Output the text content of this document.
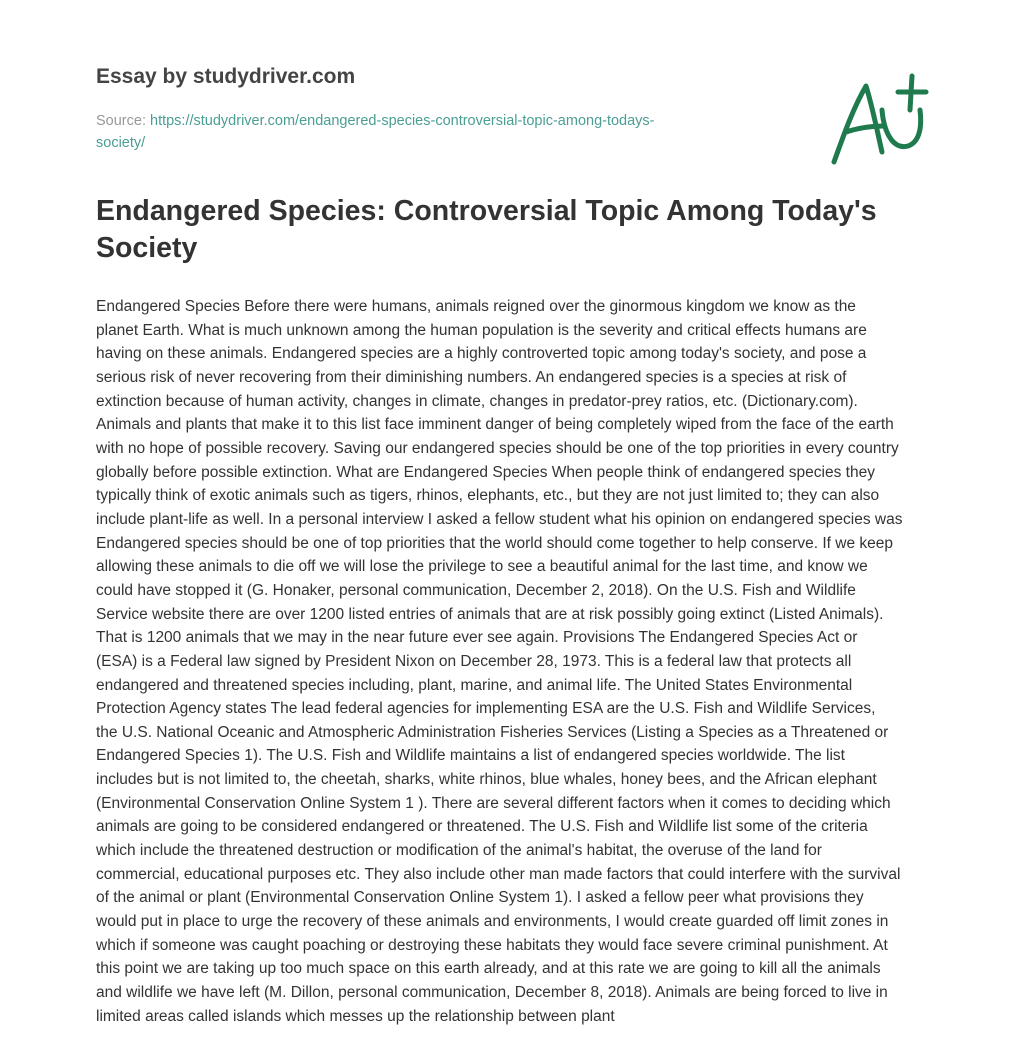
Essay by studydriver.com

Source: https://studydriver.com/endangered-species-controversial-topic-among-todays-
society/

Endangered Species: Controversial Topic Among Today's
Society
Endangered Species Before there were humans, animals reigned over the ginormous kingdom we know as the
planet Earth. What is much unknown among the human population is the severity and critical effects humans are
having on these animals. Endangered species are a highly controverted topic among today's society, and pose a
serious risk of never recovering from their diminishing numbers. An endangered species is a species at risk of
extinction because of human activity, changes in climate, changes in predator-prey ratios, etc. (Dictionary.com).
Animals and plants that make it to this list face imminent danger of being completely wiped from the face of the earth
with no hope of possible recovery. Saving our endangered species should be one of the top priorities in every country
globally before possible extinction. What are Endangered Species When people think of endangered species they
typically think of exotic animals such as tigers, rhinos, elephants, etc., but they are not just limited to; they can also
include plant-life as well. In a personal interview I asked a fellow student what his opinion on endangered species was
Endangered species should be one of top priorities that the world should come together to help conserve. If we keep
allowing these animals to die off we will lose the privilege to see a beautiful animal for the last time, and know we
could have stopped it (G. Honaker, personal communication, December 2, 2018). On the U.S. Fish and Wildlife
Service website there are over 1200 listed entries of animals that are at risk possibly going extinct (Listed Animals).
That is 1200 animals that we may in the near future ever see again. Provisions The Endangered Species Act or
(ESA) is a Federal law signed by President Nixon on December 28, 1973. This is a federal law that protects all
endangered and threatened species including, plant, marine, and animal life. The United States Environmental
Protection Agency states The lead federal agencies for implementing ESA are the U.S. Fish and Wildlife Services,
the U.S. National Oceanic and Atmospheric Administration Fisheries Services (Listing a Species as a Threatened or
Endangered Species 1). The U.S. Fish and Wildlife maintains a list of endangered species worldwide. The list
includes but is not limited to, the cheetah, sharks, white rhinos, blue whales, honey bees, and the African elephant
(Environmental Conservation Online System 1 ). There are several different factors when it comes to deciding which
animals are going to be considered endangered or threatened. The U.S. Fish and Wildlife list some of the criteria
which include the threatened destruction or modification of the animal's habitat, the overuse of the land for
commercial, educational purposes etc. They also include other man made factors that could interfere with the survival
of the animal or plant (Environmental Conservation Online System 1). I asked a fellow peer what provisions they
would put in place to urge the recovery of these animals and environments, I would create guarded off limit zones in
which if someone was caught poaching or destroying these habitats they would face severe criminal punishment. At
this point we are taking up too much space on this earth already, and at this rate we are going to kill all the animals
and wildlife we have left (M. Dillon, personal communication, December 8, 2018). Animals are being forced to live in
limited areas called islands which messes up the relationship between plant
